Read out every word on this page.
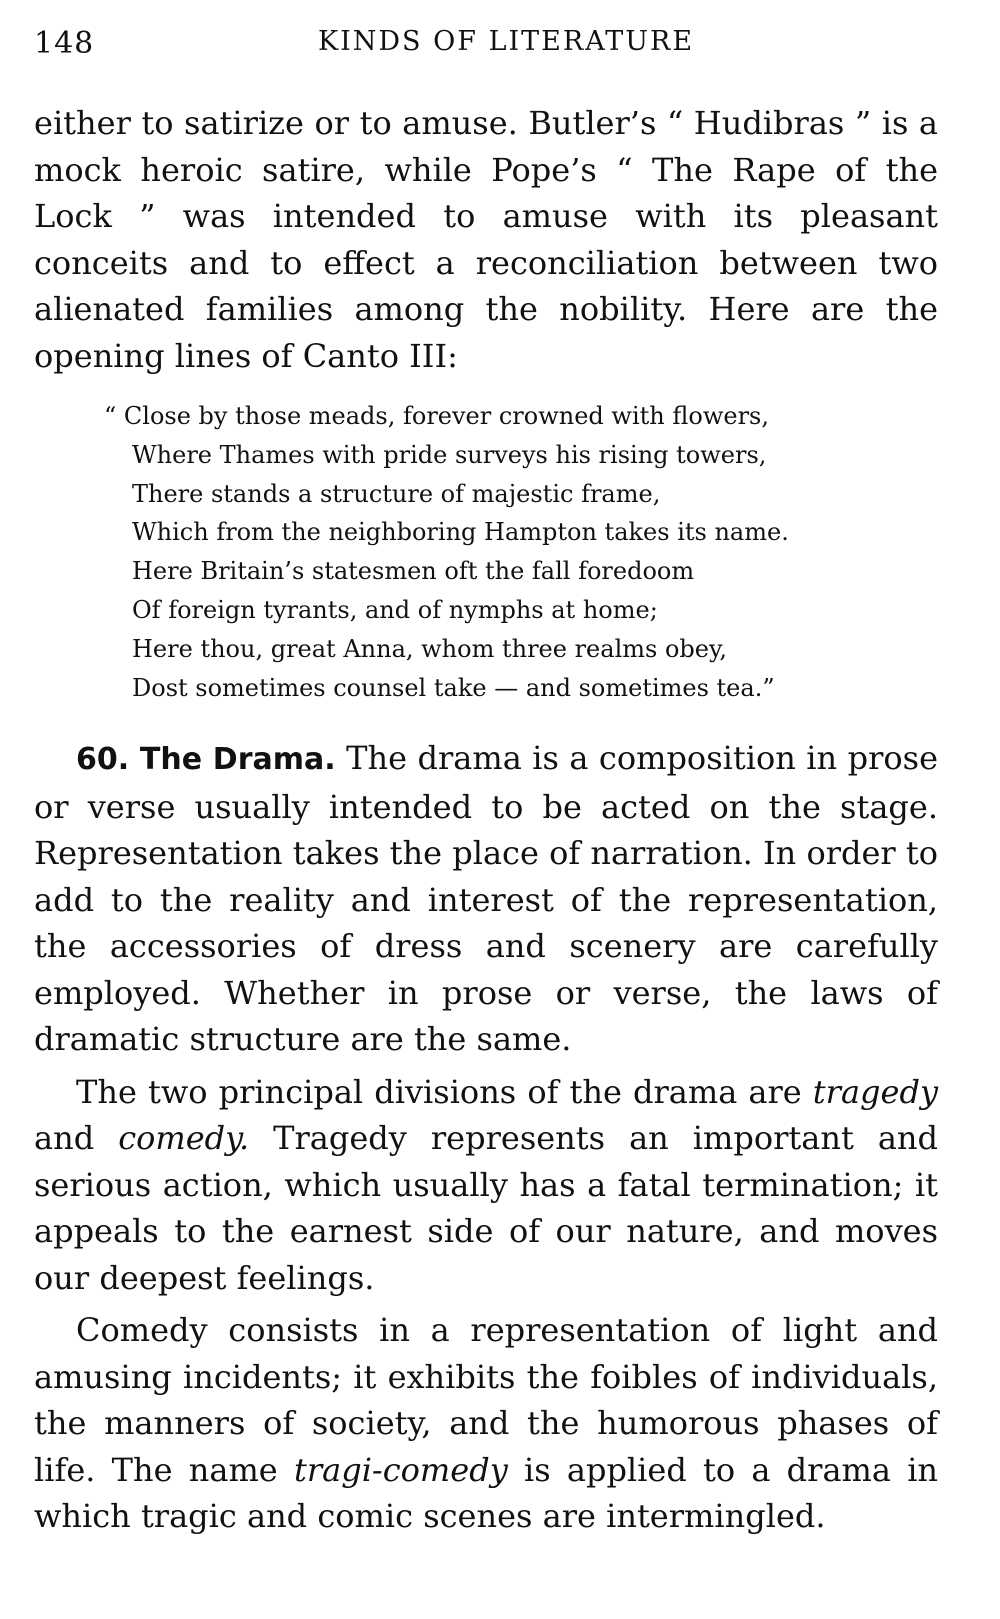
148	KINDS OF LITERATURE

either to satirize or to amuse. Butler’s “ Hudibras ” is a mock heroic satire, while Pope’s “ The Rape of the Lock ” was intended to amuse with its pleasant conceits and to effect a reconciliation between two alienated families among the nobility. Here are the opening lines of Canto III:

“ Close by those meads, forever crowned with flowers,
Where Thames with pride surveys his rising towers,
There stands a structure of majestic frame,
Which from the neighboring Hampton takes its name.
Here Britain’s statesmen oft the fall foredoom
Of foreign tyrants, and of nymphs at home;
Here thou, great Anna, whom three realms obey,
Dost sometimes counsel take — and sometimes tea.”

60. The Drama. The drama is a composition in prose or verse usually intended to be acted on the stage. Representation takes the place of narration. In order to add to the reality and interest of the representation, the accessories of dress and scenery are carefully employed. Whether in prose or verse, the laws of dramatic structure are the same.

The two principal divisions of the drama are tragedy and comedy. Tragedy represents an important and serious action, which usually has a fatal termination; it appeals to the earnest side of our nature, and moves our deepest feelings.

Comedy consists in a representation of light and amusing incidents; it exhibits the foibles of individuals, the manners of society, and the humorous phases of life. The name tragi-comedy is applied to a drama in which tragic and comic scenes are intermingled.
